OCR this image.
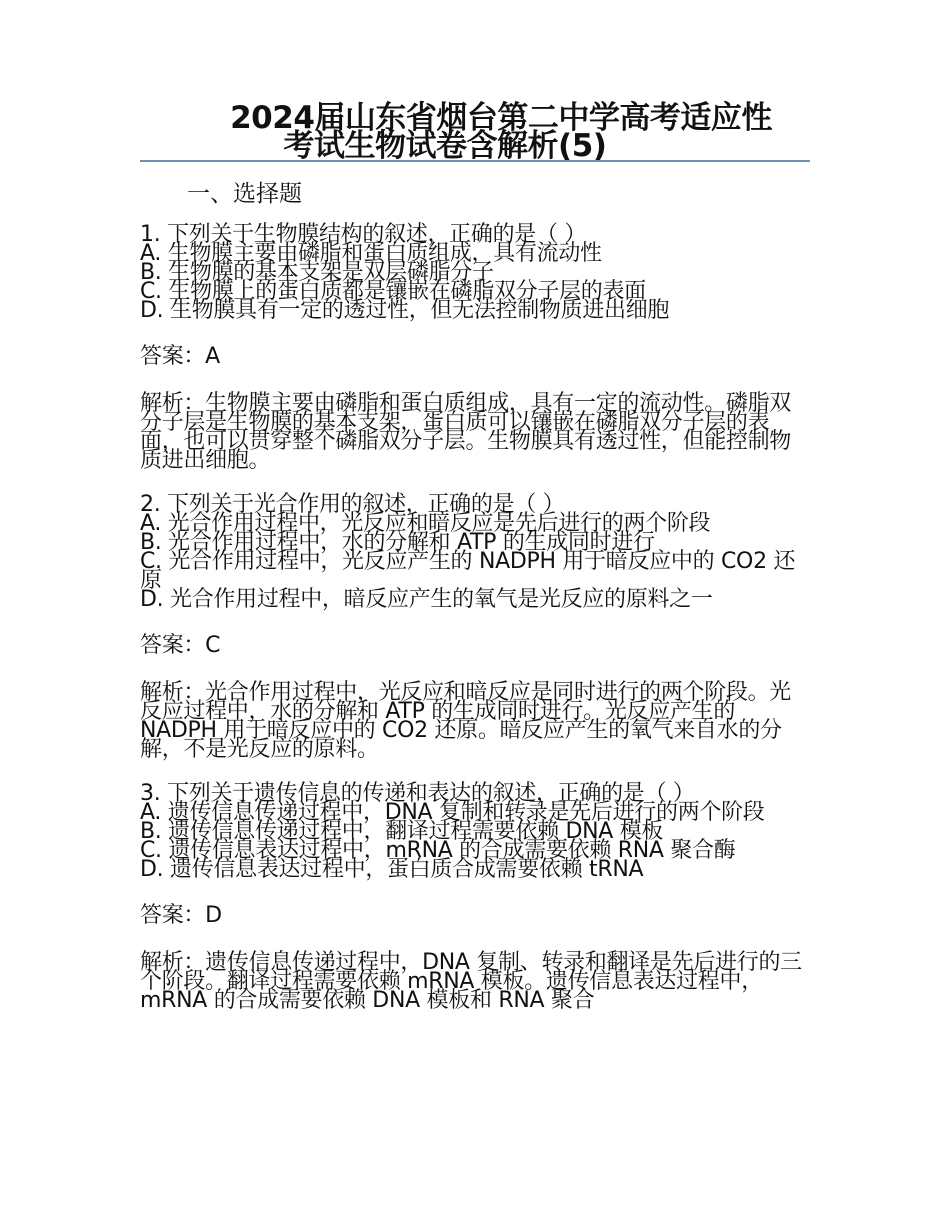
2024届山东省烟台第二中学高考适应性
考试生物试卷含解析(5)
一、选择题

1. 下列关于生物膜结构的叙述，正确的是（ ）

A. 生物膜主要由磷脂和蛋白质组成，具有流动性

B. 生物膜的基本支架是双层磷脂分子

C. 生物膜上的蛋白质都是镶嵌在磷脂双分子层的表面

D. 生物膜具有一定的透过性，但无法控制物质进出细胞

答案：A

解析：生物膜主要由磷脂和蛋白质组成，具有一定的流动性。磷脂双分子层是生物膜的基本支架，蛋白质可以镶嵌在磷脂双分子层的表面，也可以贯穿整个磷脂双分子层。生物膜具有透过性，但能控制物质进出细胞。

2. 下列关于光合作用的叙述，正确的是（ ）

A. 光合作用过程中，光反应和暗反应是先后进行的两个阶段

B. 光合作用过程中，水的分解和 ATP 的生成同时进行

C. 光合作用过程中，光反应产生的 NADPH 用于暗反应中的 CO2 还原

D. 光合作用过程中，暗反应产生的氧气是光反应的原料之一

答案：C

解析：光合作用过程中，光反应和暗反应是同时进行的两个阶段。光反应过程中，水的分解和 ATP 的生成同时进行。光反应产生的 NADPH 用于暗反应中的 CO2 还原。暗反应产生的氧气来自水的分解，不是光反应的原料。

3. 下列关于遗传信息的传递和表达的叙述，正确的是（ ）

A. 遗传信息传递过程中，DNA 复制和转录是先后进行的两个阶段

B. 遗传信息传递过程中，翻译过程需要依赖 DNA 模板

C. 遗传信息表达过程中，mRNA 的合成需要依赖 RNA 聚合酶

D. 遗传信息表达过程中，蛋白质合成需要依赖 tRNA

答案：D

解析：遗传信息传递过程中，DNA 复制、转录和翻译是先后进行的三个阶段。翻译过程需要依赖 mRNA 模板。遗传信息表达过程中，mRNA 的合成需要依赖 DNA 模板和 RNA 聚合
